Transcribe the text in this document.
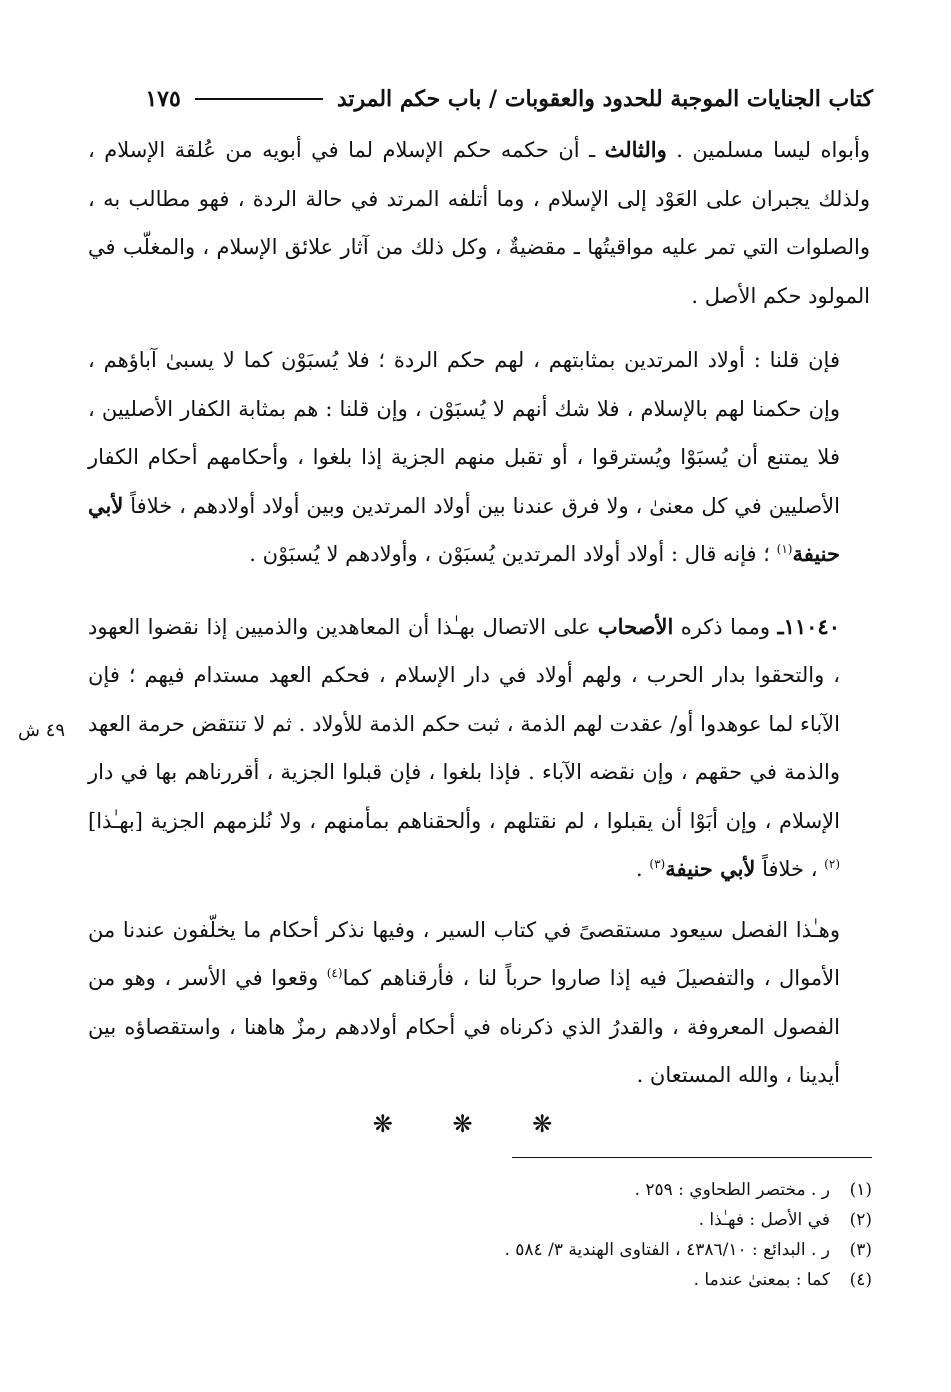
كتاب الجنايات الموجبة للحدود والعقوبات / باب حكم المرتد
١٧٥

وأبواه ليسا مسلمين . والثالث ـ أن حكمه حكم الإسلام لما في أبويه من عُلقة الإسلام ، ولذلك يجبران على العَوْد إلى الإسلام ، وما أتلفه المرتد في حالة الردة ، فهو مطالب به ، والصلوات التي تمر عليه مواقيتُها ـ مقضيةٌ ، وكل ذلك من آثار علائق الإسلام ، والمغلّب في المولود حكم الأصل .

فإن قلنا : أولاد المرتدين بمثابتهم ، لهم حكم الردة ؛ فلا يُسبَوْن كما لا يسبىٰ آباؤهم ، وإن حكمنا لهم بالإسلام ، فلا شك أنهم لا يُسبَوْن ، وإن قلنا : هم بمثابة الكفار الأصليين ، فلا يمتنع أن يُسبَوْا ويُسترقوا ، أو تقبل منهم الجزية إذا بلغوا ، وأحكامهم أحكام الكفار الأصليين في كل معنىٰ ، ولا فرق عندنا بين أولاد المرتدين وبين أولاد أولادهم ، خلافاً لأبي حنيفة$^{(١)}$ ؛ فإنه قال : أولاد أولاد المرتدين يُسبَوْن ، وأولادهم لا يُسبَوْن .

١١٠٤٠ـ ومما ذكره الأصحاب على الاتصال بهـٰذا أن المعاهدين والذميين إذا نقضوا العهود ، والتحقوا بدار الحرب ، ولهم أولاد في دار الإسلام ، فحكم العهد مستدام فيهم ؛ فإن الآباء لما عوهدوا أو/ عقدت لهم الذمة ، ثبت حكم الذمة للأولاد . ثم لا تنتقض حرمة العهد والذمة في حقهم ، وإن نقضه الآباء . فإذا بلغوا ، فإن قبلوا الجزية ، أقررناهم بها في دار الإسلام ، وإن أبَوْا أن يقبلوا ، لم نقتلهم ، وألحقناهم بمأمنهم ، ولا نُلزمهم الجزية [بهـٰذا]$^{(٢)}$ ، خلافاً لأبي حنيفة$^{(٣)}$ .

وهـٰذا الفصل سيعود مستقصىً في كتاب السير ، وفيها نذكر أحكام ما يخلّفون عندنا من الأموال ، والتفصيلَ فيه إذا صاروا حرباً لنا ، فأرقناهم كما$^{(٤)}$ وقعوا في الأسر ، وهو من الفصول المعروفة ، والقدرُ الذي ذكرناه في أحكام أولادهم رمزٌ هاهنا ، واستقصاؤه بين أيدينا ، والله المستعان .

٤٩ ش
❋ ❋ ❋
(١)
ر . مختصر الطحاوي : ٢٥٩ .
(٢)
في الأصل : فهـٰذا .
(٣)
ر . البدائع : ٤٣٨٦/١٠ ، الفتاوى الهندية ٣/ ٥٨٤ .
(٤)
كما : بمعنىٰ عندما .
